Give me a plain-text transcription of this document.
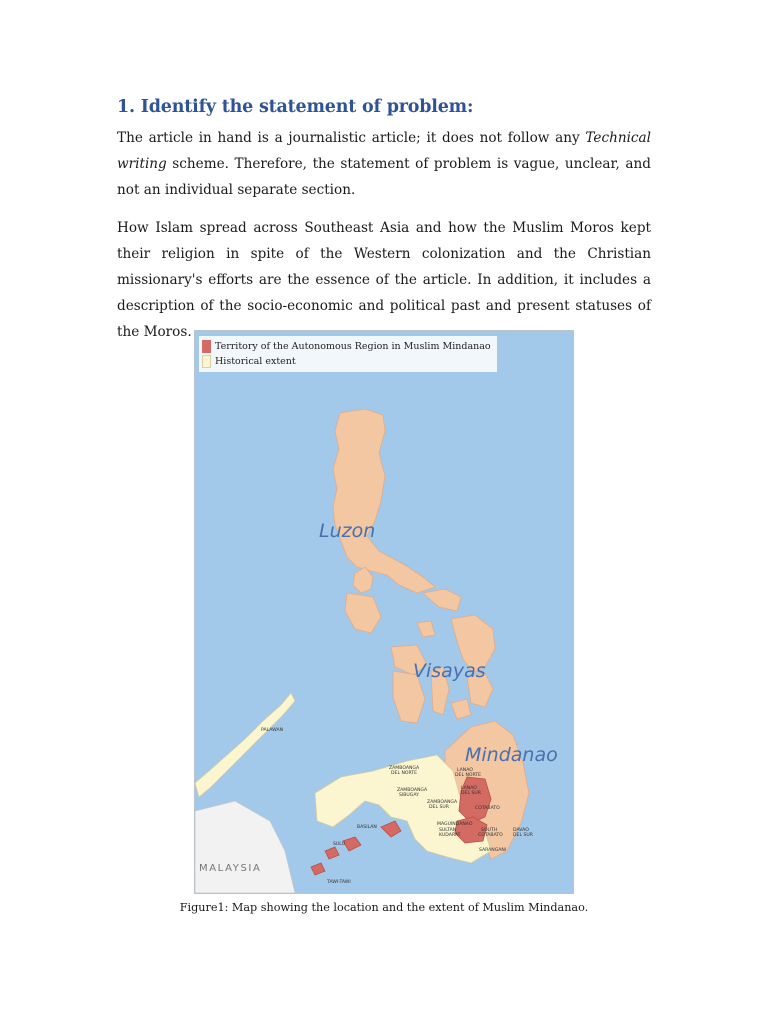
1. Identify the statement of problem:

The article in hand is a journalistic article; it does not follow any Technical writing scheme. Therefore, the statement of problem is vague, unclear, and not an individual separate section.

How Islam spread across Southeast Asia and how the Muslim Moros kept their religion in spite of the Western colonization and the Christian missionary's efforts are the essence of the article. In addition, it includes a description of the socio-economic and political past and present statuses of the Moros.

Luzon
Visayas
Mindanao
MALAYSIA
PALAWAN
ZAMBOANGA
DEL NORTE
LANAO
DEL NORTE
ZAMBOANGA
SIBUGAY
ZAMBOANGA
DEL SUR
LANAO
DEL SUR
COTABATO
MAGUINDANAO
BASILAN
SULU
SULTAN
KUDARAT
SOUTH
COTABATO
DAVAO
DEL SUR
SARANGANI
TAWI-TAWI
Territory of the Autonomous Region in Muslim Mindanao
Historical extent

Figure1: Map showing the location and the extent of Muslim Mindanao.
